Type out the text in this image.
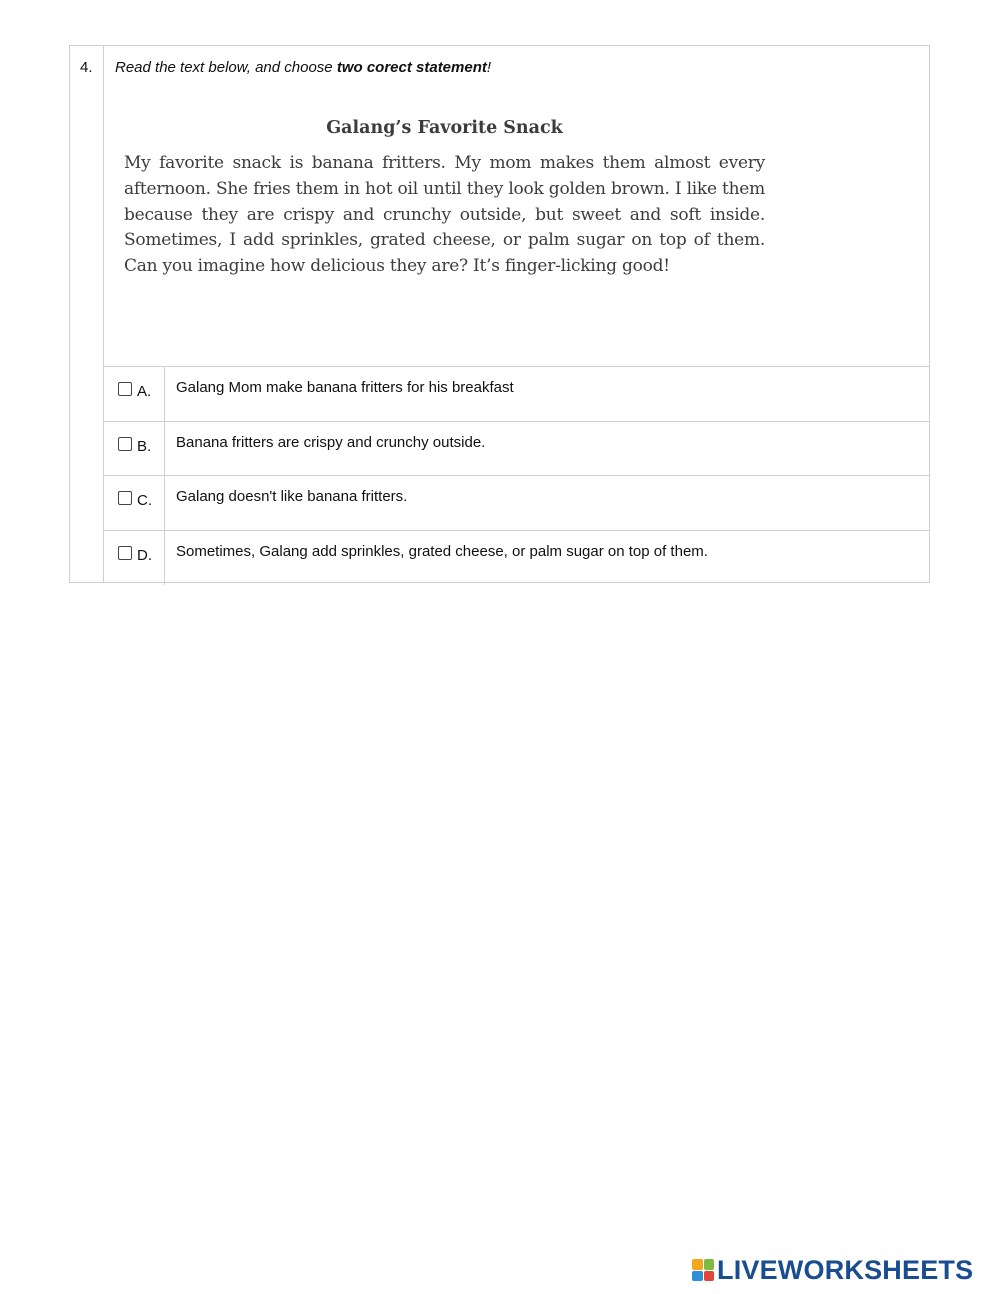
4. Read the text below, and choose two corect statement!

Galang’s Favorite Snack

My favorite snack is banana fritters. My mom makes them almost every afternoon. She fries them in hot oil until they look golden brown. I like them because they are crispy and crunchy outside, but sweet and soft inside. Sometimes, I add sprinkles, grated cheese, or palm sugar on top of them. Can you imagine how delicious they are? It’s finger-licking good!

A. Galang Mom make banana fritters for his breakfast
B. Banana fritters are crispy and crunchy outside.
C. Galang doesn't like banana fritters.
D. Sometimes, Galang add sprinkles, grated cheese, or palm sugar on top of them.
LIVEWORKSHEETS
